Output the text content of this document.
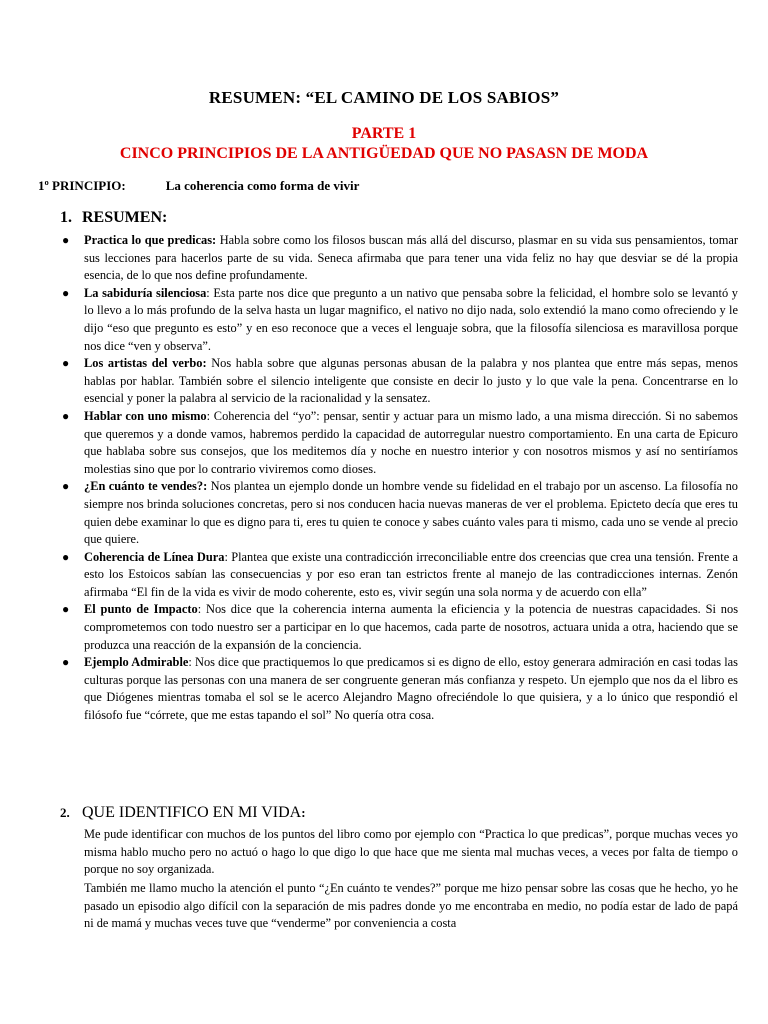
RESUMEN: “EL CAMINO DE LOS SABIOS”
PARTE 1
CINCO PRINCIPIOS DE LA ANTIGÜEDAD QUE NO PASASN DE MODA
1º PRINCIPIO:	La coherencia como forma de vivir
1. RESUMEN:
● Practica lo que predicas: Habla sobre como los filosos buscan más allá del discurso, plasmar en su vida sus pensamientos, tomar sus lecciones para hacerlos parte de su vida. Seneca afirmaba que para tener una vida feliz no hay que desviar se dé la propia esencia, de lo que nos define profundamente.
● La sabiduría silenciosa: Esta parte nos dice que pregunto a un nativo que pensaba sobre la felicidad, el hombre solo se levantó y lo llevo a lo más profundo de la selva hasta un lugar magnifico, el nativo no dijo nada, solo extendió la mano como ofreciendo y le dijo “eso que pregunto es esto” y en eso reconoce que a veces el lenguaje sobra, que la filosofía silenciosa es maravillosa porque nos dice “ven y observa”.
● Los artistas del verbo: Nos habla sobre que algunas personas abusan de la palabra y nos plantea que entre más sepas, menos hablas por hablar. También sobre el silencio inteligente que consiste en decir lo justo y lo que vale la pena. Concentrarse en lo esencial y poner la palabra al servicio de la racionalidad y la sensatez.
● Hablar con uno mismo: Coherencia del “yo”: pensar, sentir y actuar para un mismo lado, a una misma dirección. Si no sabemos que queremos y a donde vamos, habremos perdido la capacidad de autorregular nuestro comportamiento. En una carta de Epicuro que hablaba sobre sus consejos, que los meditemos día y noche en nuestro interior y con nosotros mismos y así no sentiríamos molestias sino que por lo contrario viviremos como dioses.
● ¿En cuánto te vendes?: Nos plantea un ejemplo donde un hombre vende su fidelidad en el trabajo por un ascenso. La filosofía no siempre nos brinda soluciones concretas, pero si nos conducen hacia nuevas maneras de ver el problema. Epicteto decía que eres tu quien debe examinar lo que es digno para ti, eres tu quien te conoce y sabes cuánto vales para ti mismo, cada uno se vende al precio que quiere.
● Coherencia de Línea Dura: Plantea que existe una contradicción irreconciliable entre dos creencias que crea una tensión. Frente a esto los Estoicos sabían las consecuencias y por eso eran tan estrictos frente al manejo de las contradicciones internas. Zenón afirmaba “El fin de la vida es vivir de modo coherente, esto es, vivir según una sola norma y de acuerdo con ella”
● El punto de Impacto: Nos dice que la coherencia interna aumenta la eficiencia y la potencia de nuestras capacidades. Si nos comprometemos con todo nuestro ser a participar en lo que hacemos, cada parte de nosotros, actuara unida a otra, haciendo que se produzca una reacción de la expansión de la conciencia.
● Ejemplo Admirable: Nos dice que practiquemos lo que predicamos si es digno de ello, estoy generara admiración en casi todas las culturas porque las personas con una manera de ser congruente generan más confianza y respeto. Un ejemplo que nos da el libro es que Diógenes mientras tomaba el sol se le acerco Alejandro Magno ofreciéndole lo que quisiera, y a lo único que respondió el filósofo fue “córrete, que me estas tapando el sol” No quería otra cosa.
2. QUE IDENTIFICO EN MI VIDA:
Me pude identificar con muchos de los puntos del libro como por ejemplo con “Practica lo que predicas”, porque muchas veces yo misma hablo mucho pero no actuó o hago lo que digo lo que hace que me sienta mal muchas veces, a veces por falta de tiempo o porque no soy organizada.
También me llamo mucho la atención el punto “¿En cuánto te vendes?” porque me hizo pensar sobre las cosas que he hecho, yo he pasado un episodio algo difícil con la separación de mis padres donde yo me encontraba en medio, no podía estar de lado de papá ni de mamá y muchas veces tuve que “venderme” por conveniencia a costa
